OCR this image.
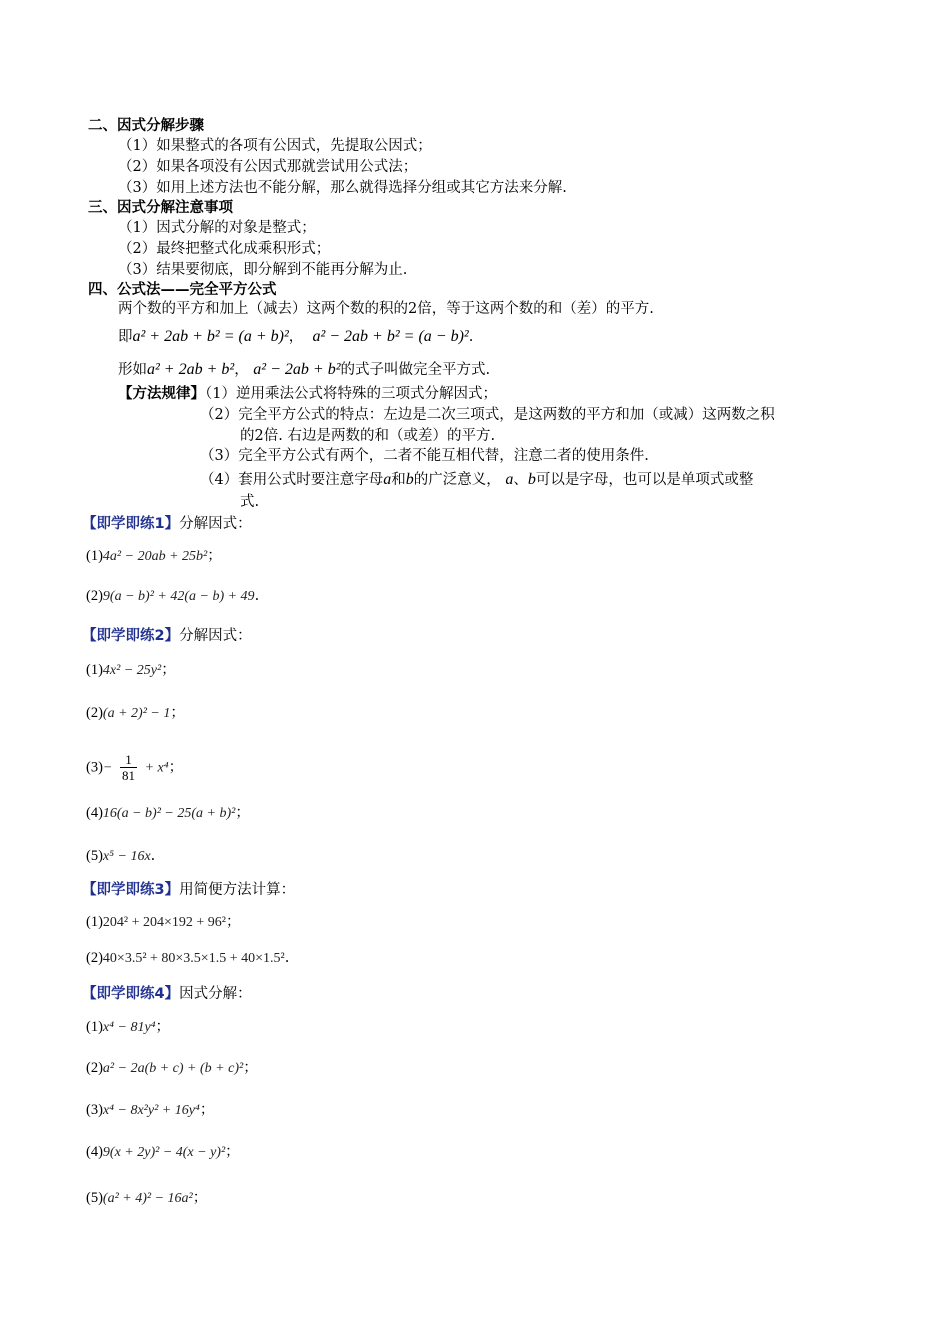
二、因式分解步骤
（1）如果整式的各项有公因式，先提取公因式；
（2）如果各项没有公因式那就尝试用公式法；
（3）如用上述方法也不能分解，那么就得选择分组或其它方法来分解.
三、因式分解注意事项
（1）因式分解的对象是整式；
（2）最终把整式化成乘积形式；
（3）结果要彻底，即分解到不能再分解为止.
四、公式法——完全平方公式
两个数的平方和加上（减去）这两个数的积的2倍，等于这两个数的和（差）的平方.
即a² + 2ab + b² = (a + b)²， a² − 2ab + b² = (a − b)².
形如a² + 2ab + b²， a² − 2ab + b²的式子叫做完全平方式.
【方法规律】（1）逆用乘法公式将特殊的三项式分解因式；
（2）完全平方公式的特点：左边是二次三项式，是这两数的平方和加（或减）这两数之积
的2倍. 右边是两数的和（或差）的平方.
（3）完全平方公式有两个，二者不能互相代替，注意二者的使用条件.
（4）套用公式时要注意字母a和b的广泛意义， a、b可以是字母，也可以是单项式或整
式.
【即学即练1】分解因式：
(1)4a² − 20ab + 25b²；
(2)9(a − b)² + 42(a − b) + 49.
【即学即练2】分解因式：
(1)4x² − 25y²；
(2)(a + 2)² − 1；
$(3)- \frac{1}{81} + x^4$；
(4)16(a − b)² − 25(a + b)²；
(5)x⁵ − 16x.
【即学即练3】用简便方法计算：
(1)204² + 204×192 + 96²；
(2)40×3.5² + 80×3.5×1.5 + 40×1.5².
【即学即练4】因式分解：
(1)x⁴ − 81y⁴；
(2)a² − 2a(b + c) + (b + c)²；
(3)x⁴ − 8x²y² + 16y⁴；
(4)9(x + 2y)² − 4(x − y)²；
(5)(a² + 4)² − 16a²；
